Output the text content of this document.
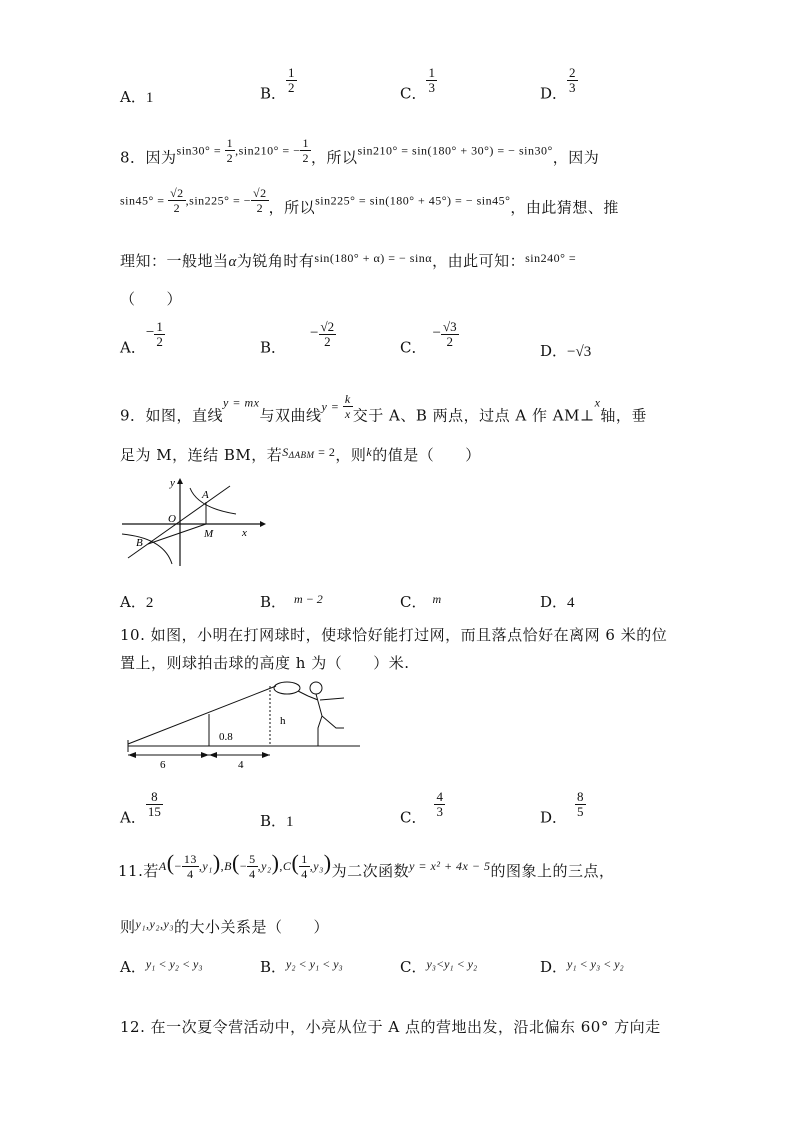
A．1	B． $\frac{1}{2}$	C． $\frac{1}{3}$	D． $\frac{2}{3}$
8．因为$\sin 30^\circ = \frac{1}{2} ,\sin 210^\circ$ = − $\frac{1}{2}$ ，所以sin210° = sin(180° + 30°) = − sin30°，因为
$\sin 45^\circ = \frac{√2}{2} ,\sin 225^\circ$ = − $\frac{√2}{2}$ ，所以sin225° = sin(180° + 45°) = − sin45°，由此猜想、推
理知：一般地当α为锐角时有$^{sin(180^\circ + \alpha) = - sin\alpha}$，由此可知：$^{sin240^\circ =}$
（　　）
A．− $\frac{1}{2}$	B．− $\frac{√2}{2}$	C．− $\frac{√3}{2}$
D．−√3
9．如图，直线$^{y = mx}$与双曲线$y = \frac{k}{x}$ 交于 A、B 两点，过点 A 作 AM⊥$^x$轴，垂
足为 M，连结 BM，若$^S$ΔABM $^{= 2}$，则$^k$的值是（　　）
y
A
O
B
M	x
A．2	B． $^{m - 2}$	C． $^m$	D．4
10. 如图，小明在打网球时，使球恰好能打过网，而且落点恰好在离网 6 米的位
置上，则球拍击球的高度 h 为（　　）米.
h
0.8
6	4
A． $\frac{8}{15}$
B．1	C． $\frac{4}{3}$	D． $\frac{8}{5}$
11.若$A(- \frac{13}{4} ,y_1),B(- \frac{5}{4} ,y_2),C( \frac{1}{4} ,y_3)$为二次函数y = x² + 4x − 5的图象上的三点，
则$^{y_1,y_2,y_3}$的大小关系是（　　）
A．$^{y_1 < y_2 < y_3}$	B．$^{y_2 < y_1 < y_3}$	C．$^{y_3<y_1 < y_2}$	D．$^{y_1 < y_3 < y_2}$
12. 在一次夏令营活动中，小亮从位于 A 点的营地出发，沿北偏东 60° 方向走
